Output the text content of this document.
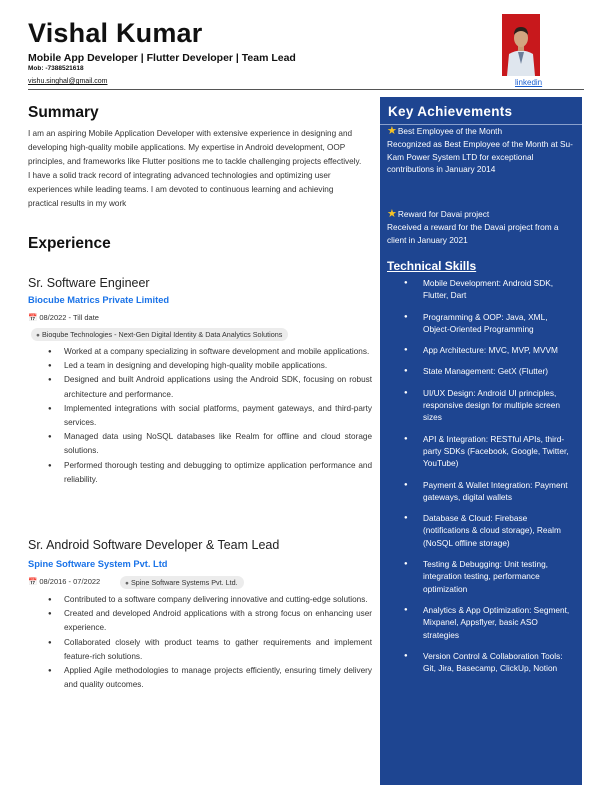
Vishal Kumar
Mobile App Developer | Flutter Developer | Team Lead
Mob: -7388521618
vishu.singhal@gmail.com	linkedin
Summary
I am an aspiring Mobile Application Developer with extensive experience in designing and developing high-quality mobile applications. My expertise in Android development, OOP principles, and frameworks like Flutter positions me to tackle challenging projects effectively. I have a solid track record of integrating advanced technologies and optimizing user experiences while leading teams. I am devoted to continuous learning and achieving practical results in my work
Experience
Sr. Software Engineer
Biocube Matrics Private Limited
📅 08/2022 - Till date
● Bioqube Technologies - Next-Gen Digital Identity & Data Analytics Solutions
● Worked at a company specializing in software development and mobile applications.
● Led a team in designing and developing high-quality mobile applications.
● Designed and built Android applications using the Android SDK, focusing on robust architecture and performance.
● Implemented integrations with social platforms, payment gateways, and third-party services.
● Managed data using NoSQL databases like Realm for offline and cloud storage solutions.
● Performed thorough testing and debugging to optimize application performance and reliability.
Sr. Android Software Developer & Team Lead
Spine Software System Pvt. Ltd
📅 08/2016 - 07/2022	● Spine Software Systems Pvt. Ltd.
● Contributed to a software company delivering innovative and cutting-edge solutions.
● Created and developed Android applications with a strong focus on enhancing user experience.
● Collaborated closely with product teams to gather requirements and implement feature-rich solutions.
● Applied Agile methodologies to manage projects efficiently, ensuring timely delivery and quality outcomes.
Key Achievements
★Best Employee of the Month
Recognized as Best Employee of the Month at Su-Kam Power System LTD for exceptional contributions in January 2014
★Reward for Davai project
Received a reward for the Davai project from a client in January 2021
Technical Skills
● Mobile Development: Android SDK, Flutter, Dart
● Programming & OOP: Java, XML, Object-Oriented Programming
● App Architecture: MVC, MVP, MVVM
● State Management: GetX (Flutter)
● UI/UX Design: Android UI principles, responsive design for multiple screen sizes
● API & Integration: RESTful APIs, third-party SDKs (Facebook, Google, Twitter, YouTube)
● Payment & Wallet Integration: Payment gateways, digital wallets
● Database & Cloud: Firebase (notifications & cloud storage), Realm (NoSQL offline storage)
● Testing & Debugging: Unit testing, integration testing, performance optimization
● Analytics & App Optimization: Segment, Mixpanel, Appsflyer, basic ASO strategies
● Version Control & Collaboration Tools: Git, Jira, Basecamp, ClickUp, Notion
